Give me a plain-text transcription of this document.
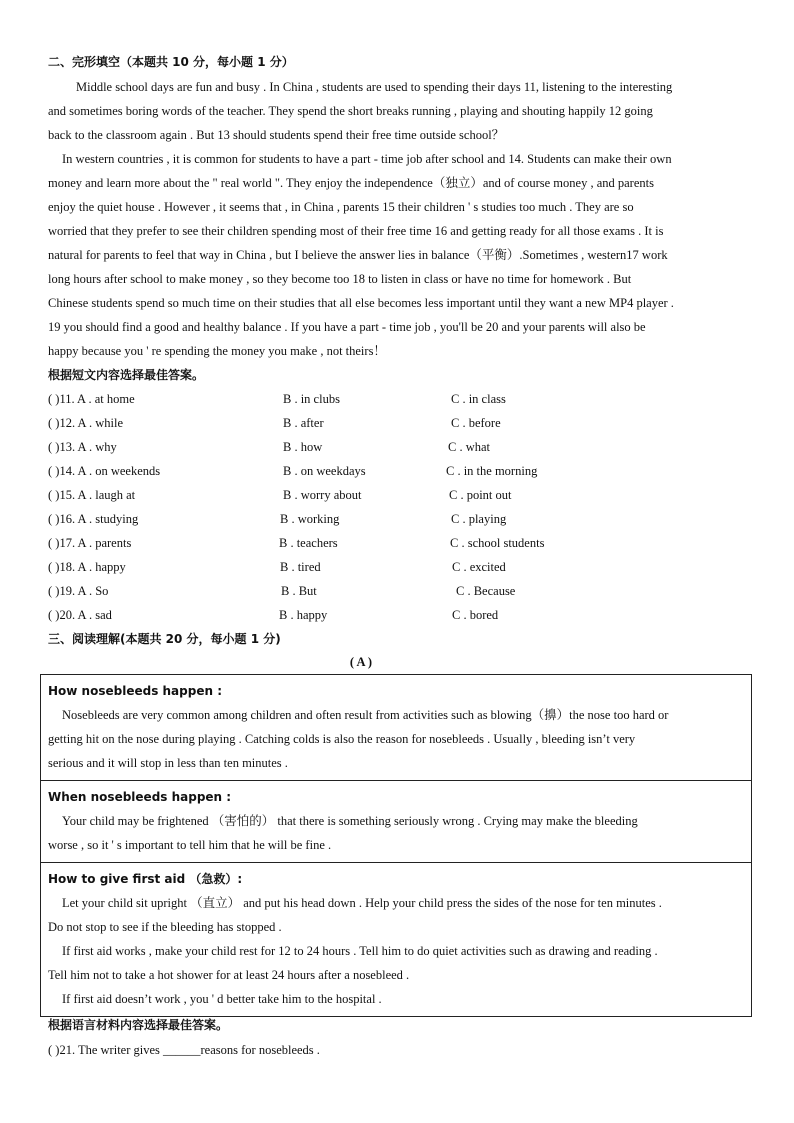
二、完形填空（本题共 10 分，每小题 1 分）
Middle school days are fun and busy . In China , students are used to spending their days 11, listening to the interesting
and sometimes boring words of the teacher. They spend the short breaks running , playing and shouting happily 12 going
back to the classroom again . But 13 should students spend their free time outside school？
In western countries , it is common for students to have a part - time job after school and 14. Students can make their own
money and learn more about the " real world ". They enjoy the independence（独立）and of course money , and parents
enjoy the quiet house . However , it seems that , in China , parents 15 their children ' s studies too much . They are so
worried that they prefer to see their children spending most of their free time 16 and getting ready for all those exams . It is
natural for parents to feel that way in China , but I believe the answer lies in balance（平衡）.Sometimes , western17 work
long hours after school to make money , so they become too 18 to listen in class or have no time for homework . But
Chinese students spend so much time on their studies that all else becomes less important until they want a new MP4 player .
19 you should find a good and healthy balance . If you have a part - time job , you'll be 20 and your parents will also be
happy because you ' re spending the money you make , not theirs！
根据短文内容选择最佳答案。
( )11. A . at home	B . in clubs	C . in class
( )12. A . while	B . after	C . before
( )13. A . why	B . how	C . what
( )14. A . on weekends	B . on weekdays	C . in the morning
( )15. A . laugh at	B . worry about	C . point out
( )16. A . studying	B . working	C . playing
( )17. A . parents	B . teachers	C . school students
( )18. A . happy	B . tired	C . excited
( )19. A . So	B . But	C . Because
( )20. A . sad	B . happy	C . bored
三、阅读理解(本题共 20 分，每小题 1 分)
( A )
How nosebleeds happen :
Nosebleeds are very common among children and often result from activities such as blowing（擤）the nose too hard or
getting hit on the nose during playing . Catching colds is also the reason for nosebleeds . Usually , bleeding isn’t very
serious and it will stop in less than ten minutes .
When nosebleeds happen :
Your child may be frightened （害怕的） that there is something seriously wrong . Crying may make the bleeding
worse , so it ' s important to tell him that he will be fine .
How to give first aid （急救）:
Let your child sit upright （直立） and put his head down . Help your child press the sides of the nose for ten minutes .
Do not stop to see if the bleeding has stopped .
If first aid works , make your child rest for 12 to 24 hours . Tell him to do quiet activities such as drawing and reading .
Tell him not to take a hot shower for at least 24 hours after a nosebleed .
If first aid doesn’t work , you ' d better take him to the hospital .
根据语言材料内容选择最佳答案。
( )21. The writer gives ______reasons for nosebleeds .
